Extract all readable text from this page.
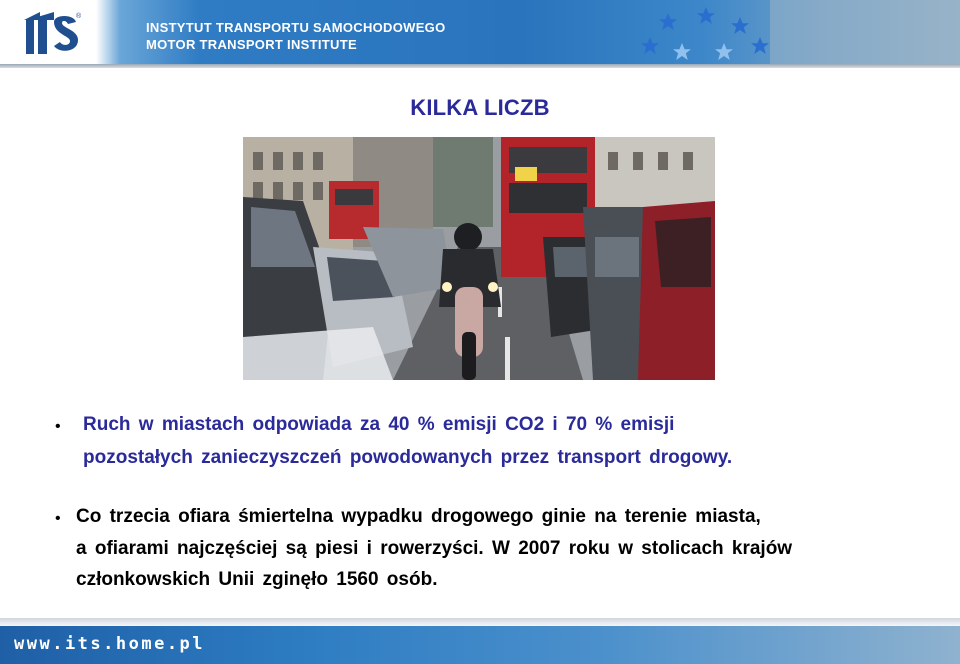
®
INSTYTUT TRANSPORTU SAMOCHODOWEGO
MOTOR TRANSPORT INSTITUTE
KILKA LICZB
• Ruch w miastach odpowiada za 40 % emisji CO2 i 70 % emisji
pozostałych zanieczyszczeń powodowanych przez transport drogowy.
• Co trzecia ofiara śmiertelna wypadku drogowego ginie na terenie miasta,
a ofiarami najczęściej są piesi i rowerzyści. W 2007 roku w stolicach krajów
członkowskich Unii zginęło 1560 osób.
www.its.home.pl
